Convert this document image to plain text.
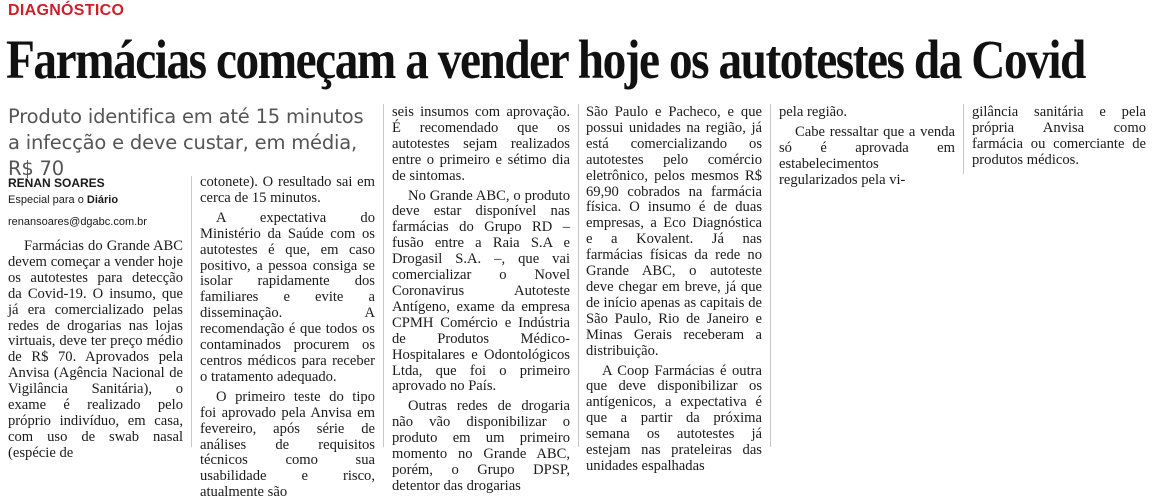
DIAGNÓSTICO
Farmácias começam a vender hoje os autotestes da Covid
Produto identifica em até 15 minutos a infecção e deve custar, em média, R$ 70
RENAN SOARES
Especial para o Diário
renansoares@dgabc.com.br

Farmácias do Grande ABC devem começar a vender hoje os autotestes para detecção da Covid-19. O insumo, que já era comercializado pelas redes de drogarias nas lojas virtuais, deve ter preço médio de R$ 70. Aprovados pela Anvisa (Agência Nacional de Vigilância Sanitária), o exame é realizado pelo próprio indivíduo, em casa, com uso de swab nasal (espécie de

cotonete). O resultado sai em cerca de 15 minutos.

A expectativa do Ministério da Saúde com os autotestes é que, em caso positivo, a pessoa consiga se isolar rapidamente dos familiares e evite a disseminação. A recomendação é que todos os contaminados procurem os centros médicos para receber o tratamento adequado.

O primeiro teste do tipo foi aprovado pela Anvisa em fevereiro, após série de análises de requisitos técnicos como sua usabilidade e risco, atualmente são

seis insumos com aprovação. É recomendado que os autotestes sejam realizados entre o primeiro e sétimo dia de sintomas.

No Grande ABC, o produto deve estar disponível nas farmácias do Grupo RD – fusão entre a Raia S.A e Drogasil S.A. –, que vai comercializar o Novel Coronavirus Autoteste Antígeno, exame da empresa CPMH Comércio e Indústria de Produtos Médico-Hospitalares e Odontológicos Ltda, que foi o primeiro aprovado no País.

Outras redes de drogaria não vão disponibilizar o produto em um primeiro momento no Grande ABC, porém, o Grupo DPSP, detentor das drogarias

São Paulo e Pacheco, e que possui unidades na região, já está comercializando os autotestes pelo comércio eletrônico, pelos mesmos R$ 69,90 cobrados na farmácia física. O insumo é de duas empresas, a Eco Diagnóstica e a Kovalent. Já nas farmácias físicas da rede no Grande ABC, o autoteste deve chegar em breve, já que de início apenas as capitais de São Paulo, Rio de Janeiro e Minas Gerais receberam a distribuição.

A Coop Farmácias é outra que deve disponibilizar os antígenicos, a expectativa é que a partir da próxima semana os autotestes já estejam nas prateleiras das unidades espalhadas

pela região.

Cabe ressaltar que a venda só é aprovada em estabelecimentos regularizados pela vi-

gilância sanitária e pela própria Anvisa como farmácia ou comerciante de produtos médicos.
